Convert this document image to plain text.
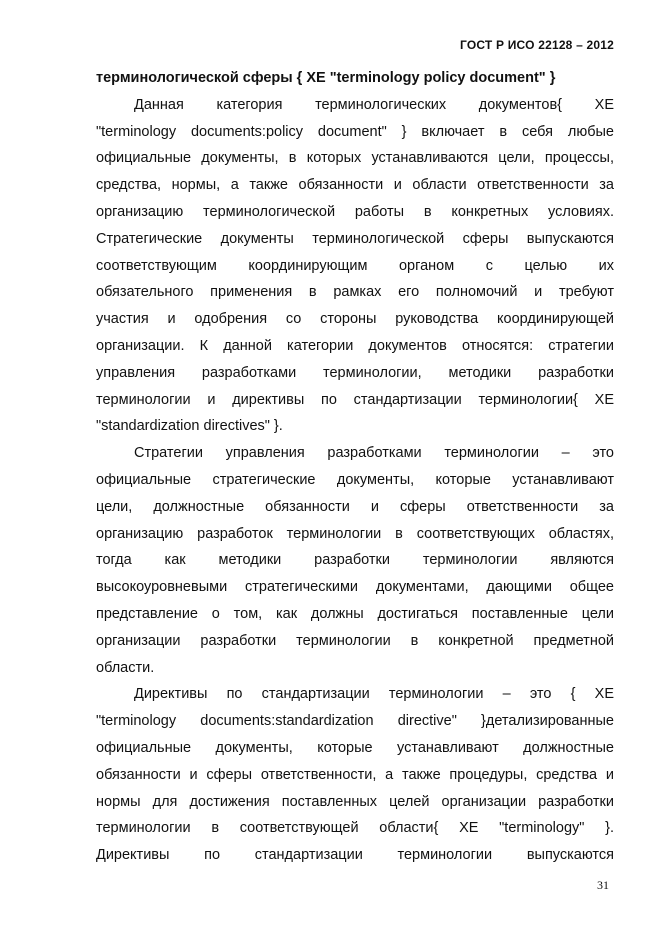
ГОСТ Р ИСО 22128 – 2012
терминологической сферы { XE "terminology policy document" }
Данная категория терминологических документов{ XE
"terminology documents:policy document" } включает в себя любые
официальные документы, в которых устанавливаются цели, процессы,
средства, нормы, а также обязанности и области ответственности за
организацию терминологической работы в конкретных условиях.
Стратегические документы терминологической сферы выпускаются
соответствующим координирующим органом с целью их
обязательного применения в рамках его полномочий и требуют
участия и одобрения со стороны руководства координирующей
организации. К данной категории документов относятся: стратегии
управления разработками терминологии, методики разработки
терминологии и директивы по стандартизации терминологии{ XE
"standardization directives" }.
Стратегии управления разработками терминологии – это
официальные стратегические документы, которые устанавливают
цели, должностные обязанности и сферы ответственности за
организацию разработок терминологии в соответствующих областях,
тогда как методики разработки терминологии являются
высокоуровневыми стратегическими документами, дающими общее
представление о том, как должны достигаться поставленные цели
организации разработки терминологии в конкретной предметной
области.
Директивы по стандартизации терминологии – это { XE
"terminology documents:standardization directive" }детализированные
официальные документы, которые устанавливают должностные
обязанности и сферы ответственности, а также процедуры, средства и
нормы для достижения поставленных целей организации разработки
терминологии в соответствующей области{ XE "terminology" }.
Директивы по стандартизации терминологии выпускаются
31
